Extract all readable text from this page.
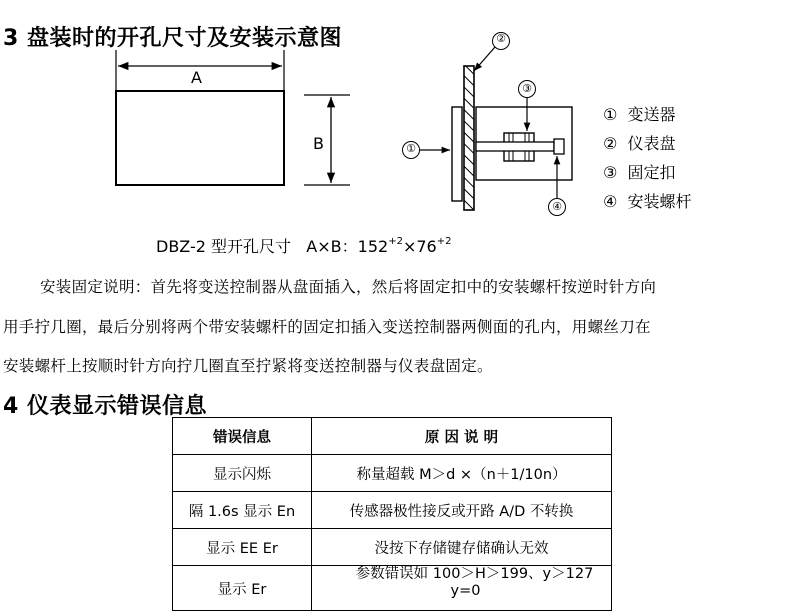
3 盘装时的开孔尺寸及安装示意图
A
B
②
①
③
④
① 变送器
② 仪表盘
③ 固定扣
④ 安装螺杆
DBZ-2 型开孔尺寸 A×B：$152^{+2}\times 76^{+2}$
安装固定说明：首先将变送控制器从盘面插入，然后将固定扣中的安装螺杆按逆时针方向
用手拧几圈，最后分别将两个带安装螺杆的固定扣插入变送控制器两侧面的孔内，用螺丝刀在
安装螺杆上按顺时针方向拧几圈直至拧紧将变送控制器与仪表盘固定。
4 仪表显示错误信息
错误信息	原 因 说 明
显示闪烁	称量超载 M＞d ×（n＋1/10n）
隔 1.6s 显示 En	传感器极性接反或开路 A/D 不转换
显示 EE Er	没按下存储键存储确认无效
显示 Er	参数错误如 100＞H＞199、y＞127
y=0
